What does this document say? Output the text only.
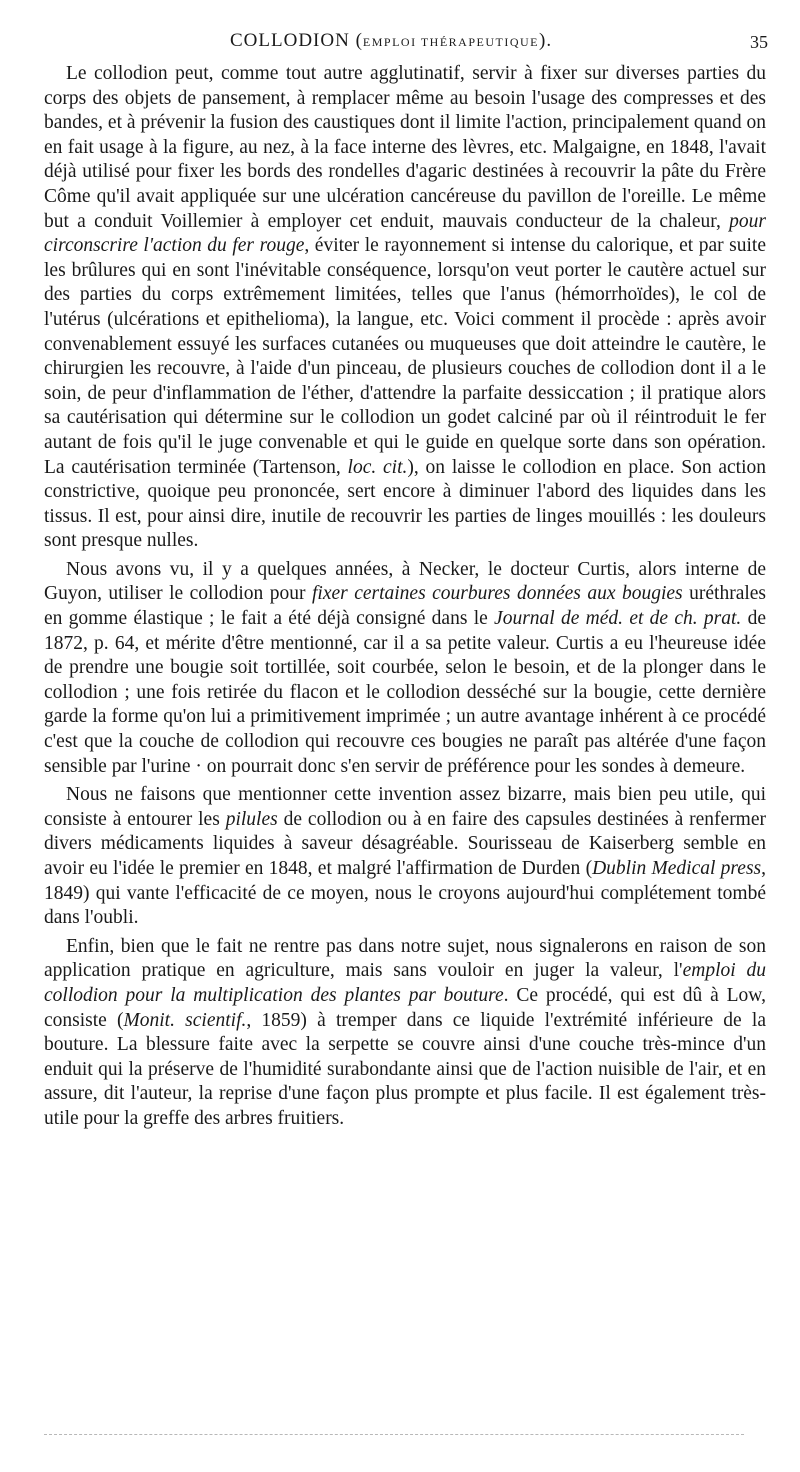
COLLODION (EMPLOI THÉRAPEUTIQUE).	35

Le collodion peut, comme tout autre agglutinatif, servir à fixer sur diverses parties du corps des objets de pansement, à remplacer même au besoin l'usage des compresses et des bandes, et à prévenir la fusion des caustiques dont il limite l'action, principalement quand on en fait usage à la figure, au nez, à la face interne des lèvres, etc. Malgaigne, en 1848, l'avait déjà utilisé pour fixer les bords des rondelles d'agaric destinées à recouvrir la pâte du Frère Côme qu'il avait appliquée sur une ulcération cancéreuse du pavillon de l'oreille. Le même but a conduit Voillemier à employer cet enduit, mauvais conducteur de la chaleur, pour circonscrire l'action du fer rouge, éviter le rayonnement si intense du calorique, et par suite les brûlures qui en sont l'inévitable conséquence, lorsqu'on veut porter le cautère actuel sur des parties du corps extrêmement limitées, telles que l'anus (hémorrhoïdes), le col de l'utérus (ulcérations et epithelioma), la langue, etc. Voici comment il procède : après avoir convenablement essuyé les surfaces cutanées ou muqueuses que doit atteindre le cautère, le chirurgien les recouvre, à l'aide d'un pinceau, de plusieurs couches de collodion dont il a le soin, de peur d'inflammation de l'éther, d'attendre la parfaite dessiccation ; il pratique alors sa cautérisation qui détermine sur le collodion un godet calciné par où il réintroduit le fer autant de fois qu'il le juge convenable et qui le guide en quelque sorte dans son opération. La cautérisation terminée (Tartenson, loc. cit.), on laisse le collodion en place. Son action constrictive, quoique peu prononcée, sert encore à diminuer l'abord des liquides dans les tissus. Il est, pour ainsi dire, inutile de recouvrir les parties de linges mouillés : les douleurs sont presque nulles.

Nous avons vu, il y a quelques années, à Necker, le docteur Curtis, alors interne de Guyon, utiliser le collodion pour fixer certaines courbures données aux bougies uréthrales en gomme élastique ; le fait a été déjà consigné dans le Journal de méd. et de ch. prat. de 1872, p. 64, et mérite d'être mentionné, car il a sa petite valeur. Curtis a eu l'heureuse idée de prendre une bougie soit tortillée, soit courbée, selon le besoin, et de la plonger dans le collodion ; une fois retirée du flacon et le collodion desséché sur la bougie, cette dernière garde la forme qu'on lui a primitivement imprimée ; un autre avantage inhérent à ce procédé c'est que la couche de collodion qui recouvre ces bougies ne paraît pas altérée d'une façon sensible par l'urine · on pourrait donc s'en servir de préférence pour les sondes à demeure.

Nous ne faisons que mentionner cette invention assez bizarre, mais bien peu utile, qui consiste à entourer les pilules de collodion ou à en faire des capsules destinées à renfermer divers médicaments liquides à saveur désagréable. Sourisseau de Kaiserberg semble en avoir eu l'idée le premier en 1848, et malgré l'affirmation de Durden (Dublin Medical press, 1849) qui vante l'efficacité de ce moyen, nous le croyons aujourd'hui complétement tombé dans l'oubli.

Enfin, bien que le fait ne rentre pas dans notre sujet, nous signalerons en raison de son application pratique en agriculture, mais sans vouloir en juger la valeur, l'emploi du collodion pour la multiplication des plantes par bouture. Ce procédé, qui est dû à Low, consiste (Monit. scientif., 1859) à tremper dans ce liquide l'extrémité inférieure de la bouture. La blessure faite avec la serpette se couvre ainsi d'une couche très-mince d'un enduit qui la préserve de l'humidité surabondante ainsi que de l'action nuisible de l'air, et en assure, dit l'auteur, la reprise d'une façon plus prompte et plus facile. Il est également très-utile pour la greffe des arbres fruitiers.
